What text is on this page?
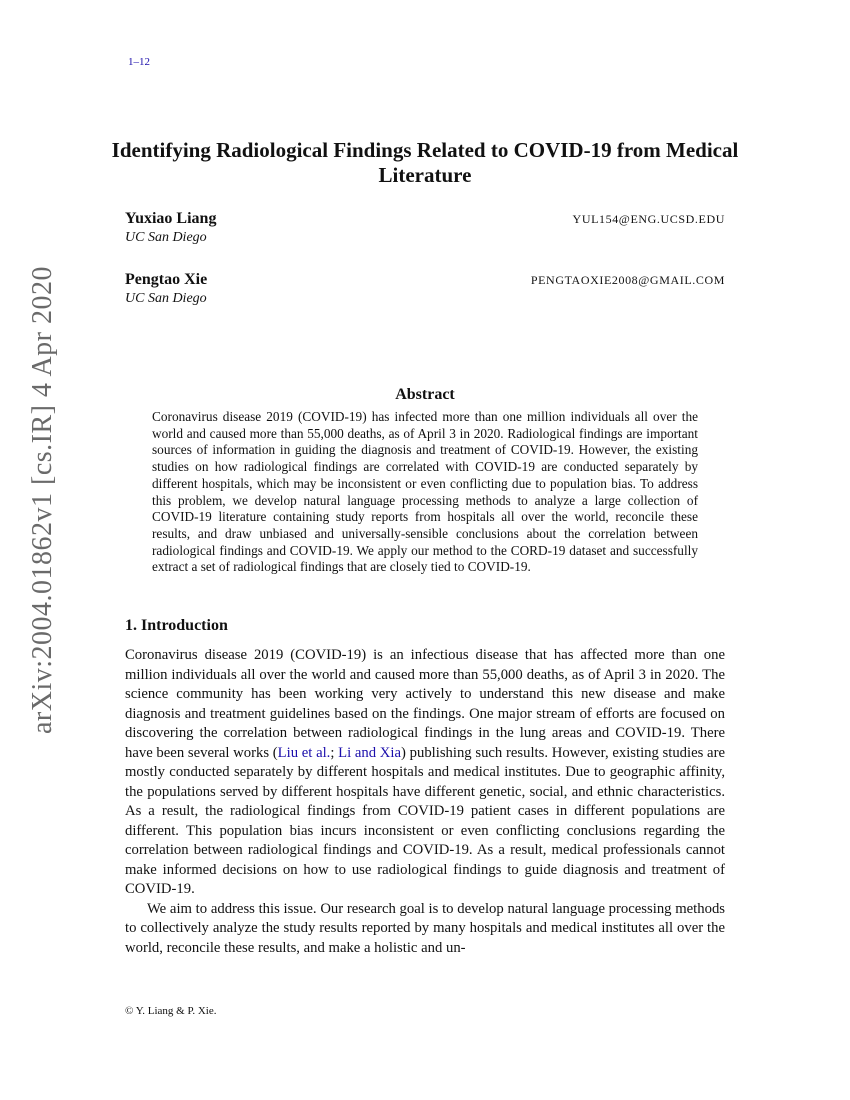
1–12
arXiv:2004.01862v1 [cs.IR] 4 Apr 2020
Identifying Radiological Findings Related to COVID-19 from Medical Literature
Yuxiao Liang	YUL154@ENG.UCSD.EDU
UC San Diego
Pengtao Xie	PENGTAOXIE2008@GMAIL.COM
UC San Diego
Abstract

Coronavirus disease 2019 (COVID-19) has infected more than one million individuals all over the world and caused more than 55,000 deaths, as of April 3 in 2020. Radiological findings are important sources of information in guiding the diagnosis and treatment of COVID-19. However, the existing studies on how radiological findings are correlated with COVID-19 are conducted separately by different hospitals, which may be inconsistent or even conflicting due to population bias. To address this problem, we develop natural language processing methods to analyze a large collection of COVID-19 literature containing study reports from hospitals all over the world, reconcile these results, and draw unbiased and universally-sensible conclusions about the correlation between radiological findings and COVID-19. We apply our method to the CORD-19 dataset and successfully extract a set of radiological findings that are closely tied to COVID-19.

1. Introduction

Coronavirus disease 2019 (COVID-19) is an infectious disease that has affected more than one million individuals all over the world and caused more than 55,000 deaths, as of April 3 in 2020. The science community has been working very actively to understand this new disease and make diagnosis and treatment guidelines based on the findings. One major stream of efforts are focused on discovering the correlation between radiological findings in the lung areas and COVID-19. There have been several works (Liu et al.; Li and Xia) publishing such results. However, existing studies are mostly conducted separately by different hospitals and medical institutes. Due to geographic affinity, the populations served by different hospitals have different genetic, social, and ethnic characteristics. As a result, the radiological findings from COVID-19 patient cases in different populations are different. This population bias incurs inconsistent or even conflicting conclusions regarding the correlation between radiological findings and COVID-19. As a result, medical professionals cannot make informed decisions on how to use radiological findings to guide diagnosis and treatment of COVID-19.

We aim to address this issue. Our research goal is to develop natural language processing methods to collectively analyze the study results reported by many hospitals and medical institutes all over the world, reconcile these results, and make a holistic and un-

© Y. Liang & P. Xie.
